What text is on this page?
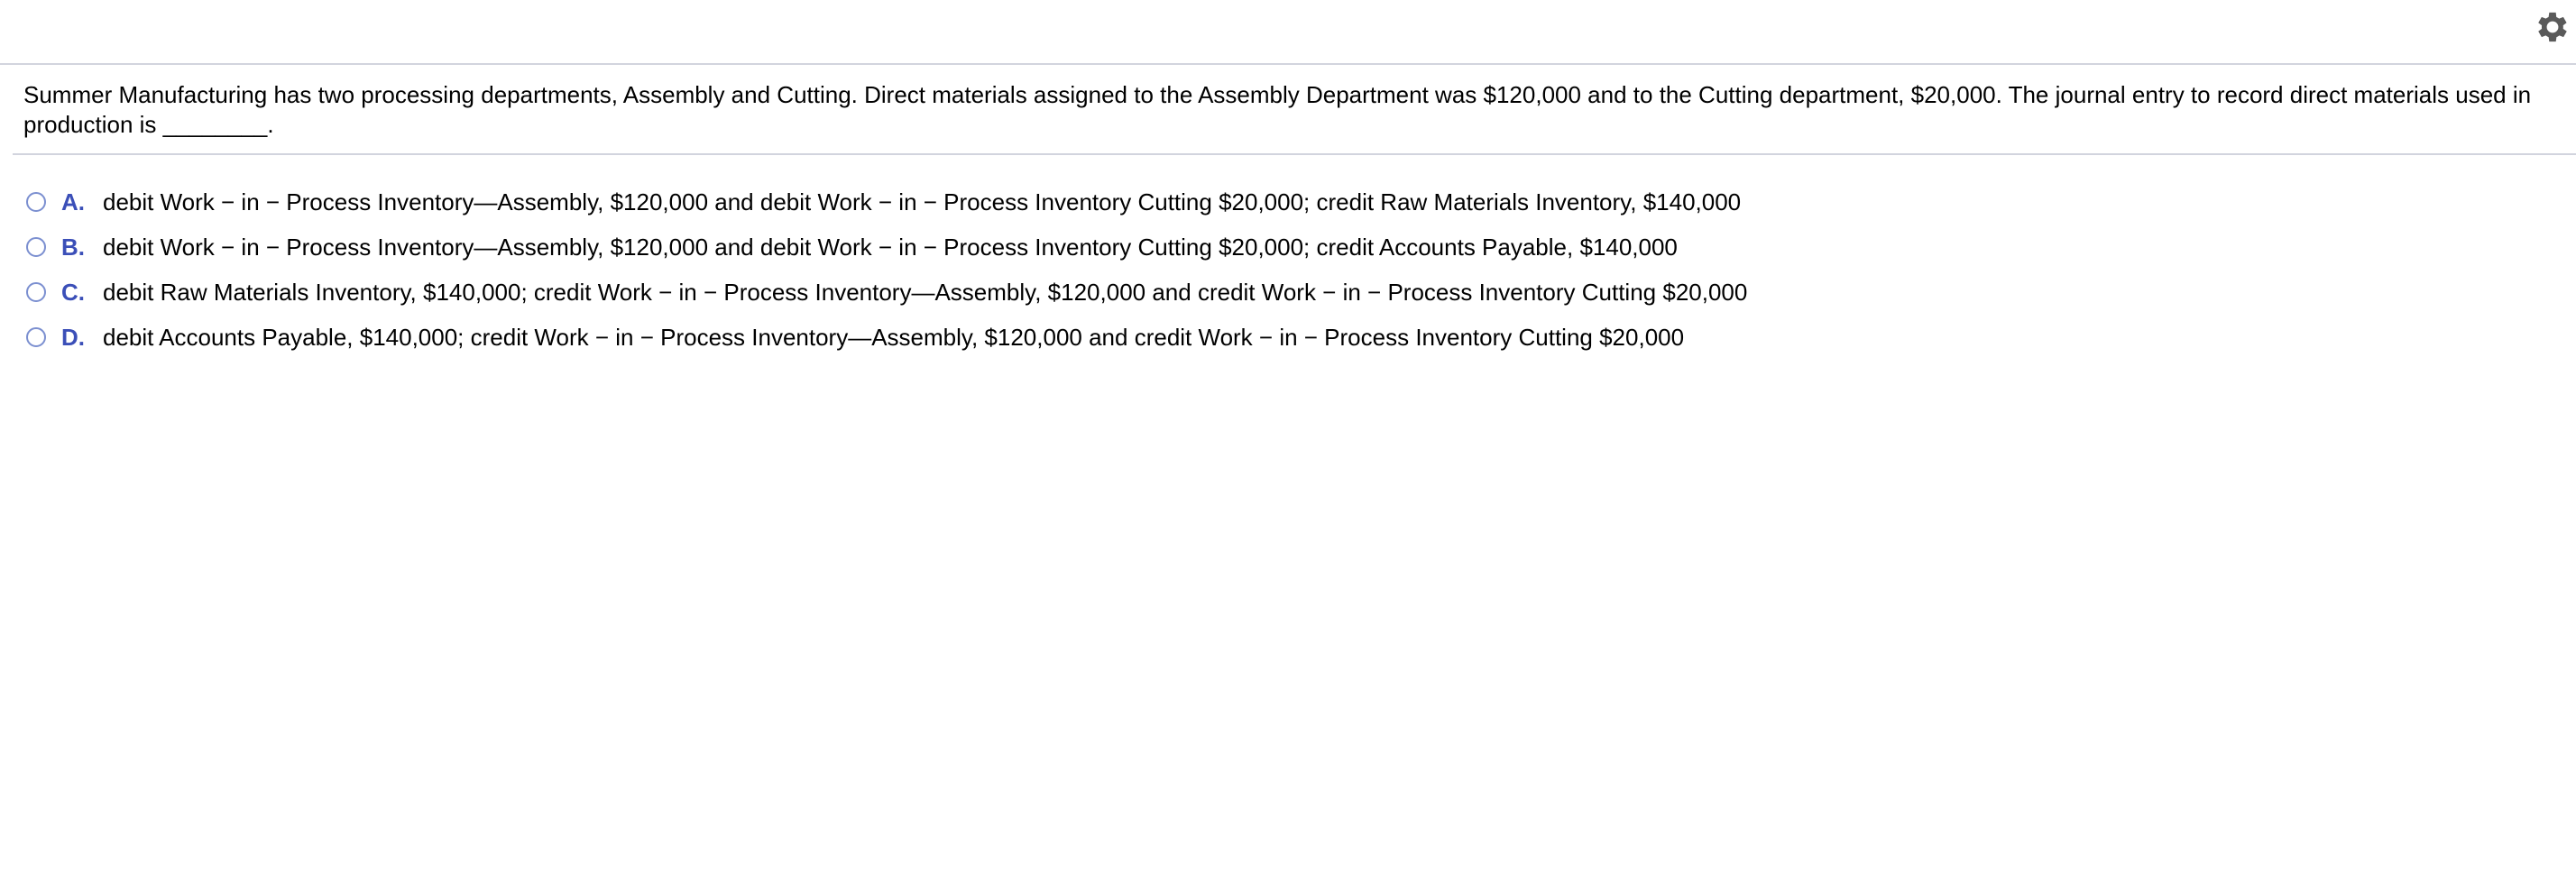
Summer Manufacturing has two processing departments, Assembly and Cutting. Direct materials assigned to the Assembly Department was $120,000 and to the Cutting department, $20,000. The journal entry to record direct materials used in production is ________.
A. debit Work − in − Process Inventory—Assembly, $120,000 and debit Work − in − Process Inventory Cutting $20,000; credit Raw Materials Inventory, $140,000
B. debit Work − in − Process Inventory—Assembly, $120,000 and debit Work − in − Process Inventory Cutting $20,000; credit Accounts Payable, $140,000
C. debit Raw Materials Inventory, $140,000; credit Work − in − Process Inventory—Assembly, $120,000 and credit Work − in − Process Inventory Cutting $20,000
D. debit Accounts Payable, $140,000; credit Work − in − Process Inventory—Assembly, $120,000 and credit Work − in − Process Inventory Cutting $20,000
